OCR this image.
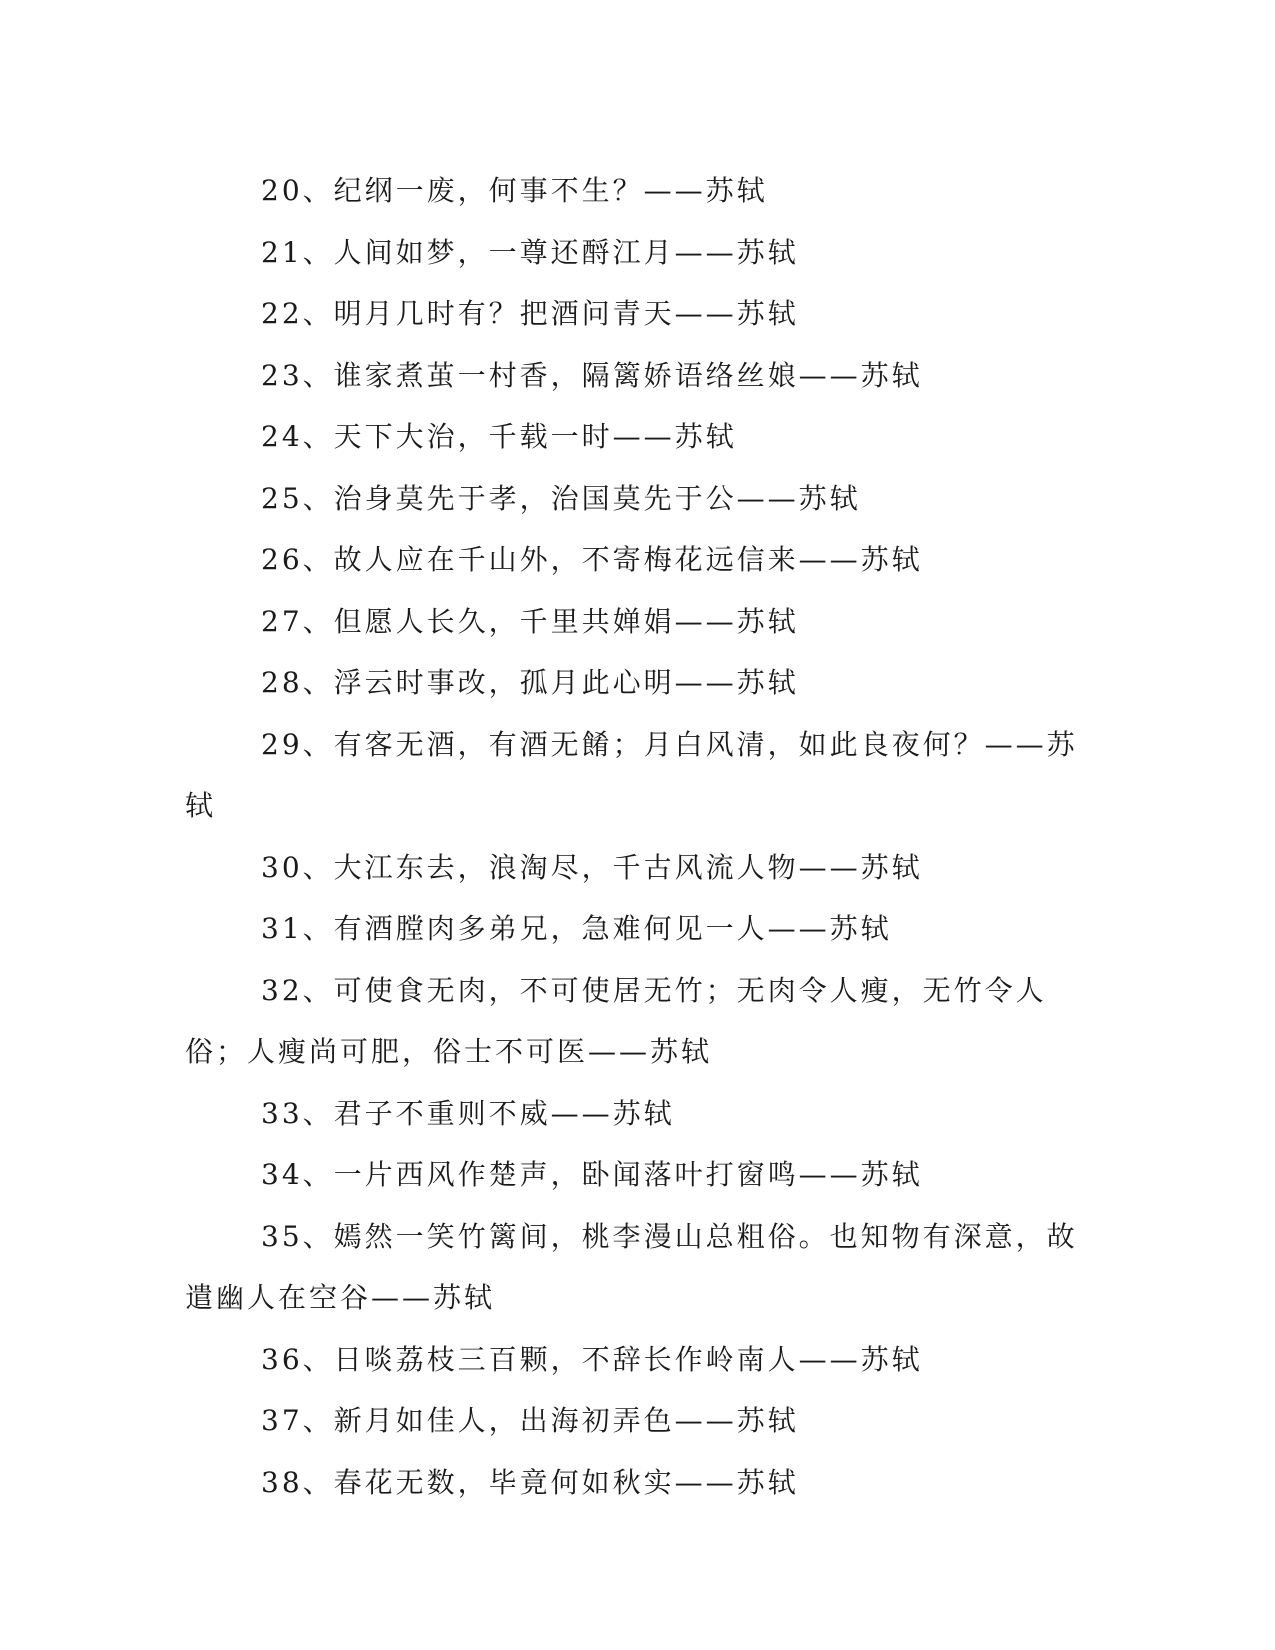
20、纪纲一废，何事不生？——苏轼

21、人间如梦，一尊还酹江月——苏轼

22、明月几时有？把酒问青天——苏轼

23、谁家煮茧一村香，隔篱娇语络丝娘——苏轼

24、天下大治，千载一时——苏轼

25、治身莫先于孝，治国莫先于公——苏轼

26、故人应在千山外，不寄梅花远信来——苏轼

27、但愿人长久，千里共婵娟——苏轼

28、浮云时事改，孤月此心明——苏轼

29、有客无酒，有酒无餚；月白风清，如此良夜何？——苏轼

30、大江东去，浪淘尽，千古风流人物——苏轼

31、有酒膛肉多弟兄，急难何见一人——苏轼

32、可使食无肉，不可使居无竹；无肉令人瘦，无竹令人俗；人瘦尚可肥，俗士不可医——苏轼

33、君子不重则不威——苏轼

34、一片西风作楚声，卧闻落叶打窗鸣——苏轼

35、嫣然一笑竹篱间，桃李漫山总粗俗。也知物有深意，故遣幽人在空谷——苏轼

36、日啖荔枝三百颗，不辞长作岭南人——苏轼

37、新月如佳人，出海初弄色——苏轼

38、春花无数，毕竟何如秋实——苏轼
